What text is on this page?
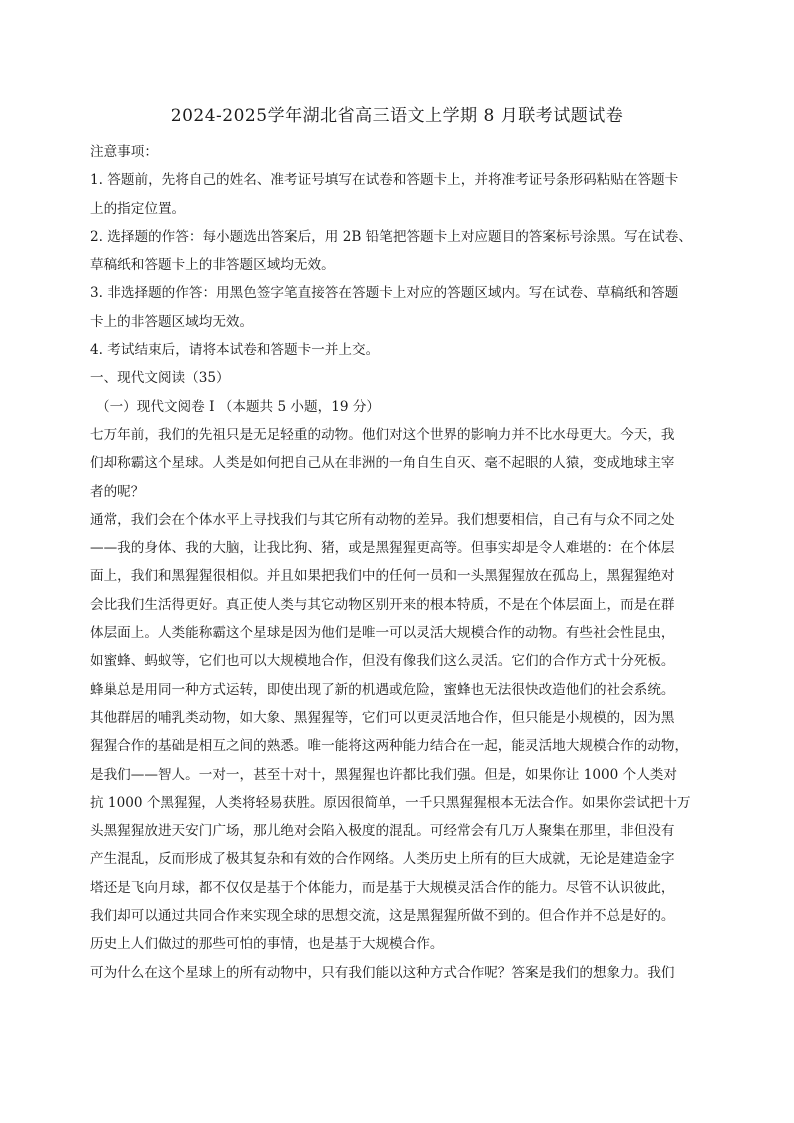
2024-2025学年湖北省高三语文上学期 8 月联考试题试卷

注意事项：

1. 答题前，先将自己的姓名、准考证号填写在试卷和答题卡上，并将准考证号条形码粘贴在答题卡

上的指定位置。

2. 选择题的作答：每小题选出答案后，用 2B 铅笔把答题卡上对应题目的答案标号涂黑。写在试卷、

草稿纸和答题卡上的非答题区域均无效。

3. 非选择题的作答：用黑色签字笔直接答在答题卡上对应的答题区域内。写在试卷、草稿纸和答题

卡上的非答题区域均无效。

4. 考试结束后，请将本试卷和答题卡一并上交。

一、现代文阅读（35）

（一）现代文阅卷 I （本题共 5 小题，19 分）

七万年前，我们的先祖只是无足轻重的动物。他们对这个世界的影响力并不比水母更大。今天，我

们却称霸这个星球。人类是如何把自己从在非洲的一角自生自灭、毫不起眼的人猿，变成地球主宰

者的呢？

通常，我们会在个体水平上寻找我们与其它所有动物的差异。我们想要相信，自己有与众不同之处

——我的身体、我的大脑，让我比狗、猪，或是黑猩猩更高等。但事实却是令人难堪的：在个体层

面上，我们和黑猩猩很相似。并且如果把我们中的任何一员和一头黑猩猩放在孤岛上，黑猩猩绝对

会比我们生活得更好。真正使人类与其它动物区别开来的根本特质，不是在个体层面上，而是在群

体层面上。人类能称霸这个星球是因为他们是唯一可以灵活大规模合作的动物。有些社会性昆虫，

如蜜蜂、蚂蚁等，它们也可以大规模地合作，但没有像我们这么灵活。它们的合作方式十分死板。

蜂巢总是用同一种方式运转，即使出现了新的机遇或危险，蜜蜂也无法很快改造他们的社会系统。

其他群居的哺乳类动物，如大象、黑猩猩等，它们可以更灵活地合作，但只能是小规模的，因为黑

猩猩合作的基础是相互之间的熟悉。唯一能将这两种能力结合在一起，能灵活地大规模合作的动物，

是我们——智人。一对一，甚至十对十，黑猩猩也许都比我们强。但是，如果你让 1000 个人类对

抗 1000 个黑猩猩，人类将轻易获胜。原因很简单，一千只黑猩猩根本无法合作。如果你尝试把十万

头黑猩猩放进天安门广场，那儿绝对会陷入极度的混乱。可经常会有几万人聚集在那里，非但没有

产生混乱，反而形成了极其复杂和有效的合作网络。人类历史上所有的巨大成就，无论是建造金字

塔还是飞向月球，都不仅仅是基于个体能力，而是基于大规模灵活合作的能力。尽管不认识彼此，

我们却可以通过共同合作来实现全球的思想交流，这是黑猩猩所做不到的。但合作并不总是好的。

历史上人们做过的那些可怕的事情，也是基于大规模合作。

可为什么在这个星球上的所有动物中，只有我们能以这种方式合作呢？答案是我们的想象力。我们
